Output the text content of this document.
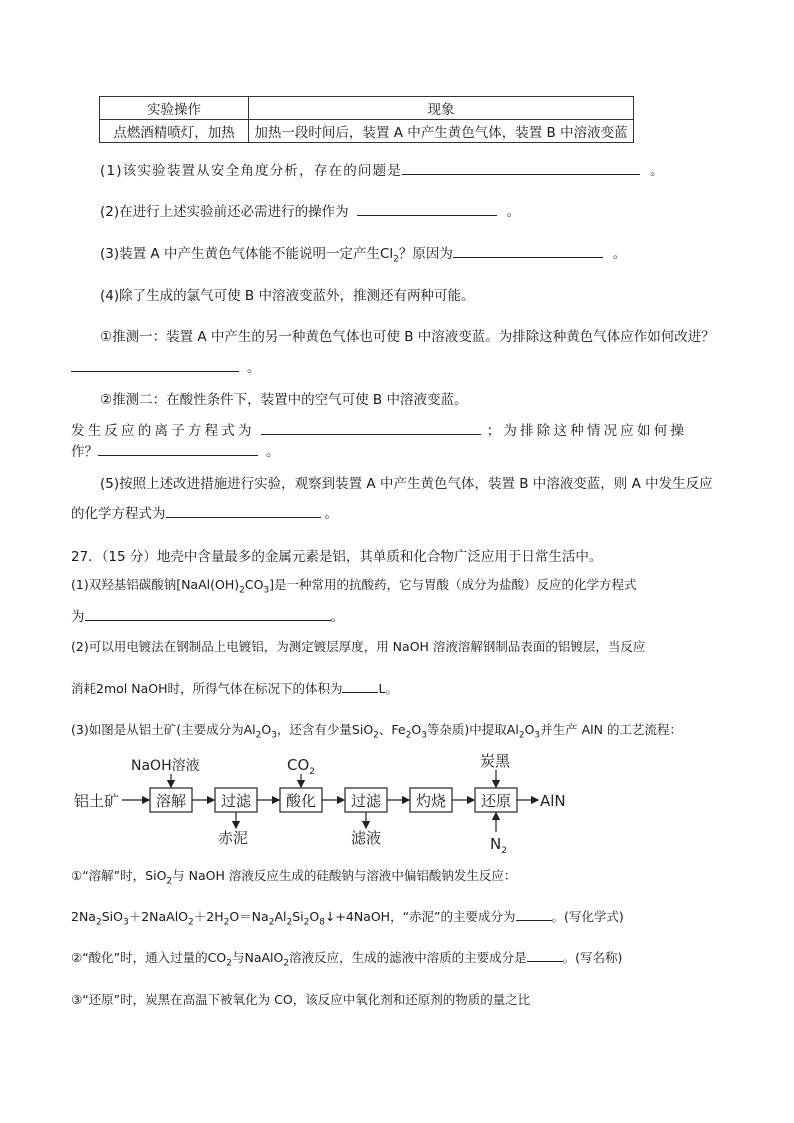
实验操作	现象
点燃酒精喷灯，加热	加热一段时间后，装置 A 中产生黄色气体，装置 B 中溶液变蓝
(1)该实验装置从安全角度分析，存在的问题是	。
(2)在进行上述实验前还必需进行的操作为	。
(3)装置 A 中产生黄色气体能不能说明一定产生$Cl_2$？原因为	。
(4)除了生成的氯气可使 B 中溶液变蓝外，推测还有两种可能。
①推测一：装置 A 中产生的另一种黄色气体也可使 B 中溶液变蓝。为排除这种黄色气体应作如何改进？
。
②推测二：在酸性条件下，装置中的空气可使 B 中溶液变蓝。
发生反应的离子方程式为	；为排除这种情况应如何操
作？	。
(5)按照上述改进措施进行实验，观察到装置 A 中产生黄色气体，装置 B 中溶液变蓝，则 A 中发生反应
的化学方程式为	。
27．（15 分）地壳中含量最多的金属元素是铝，其单质和化合物广泛应用于日常生活中。
(1)双羟基铝碳酸钠$[NaAl(OH)_2CO_3]$是一种常用的抗酸药，它与胃酸（成分为盐酸）反应的化学方程式
为	。
(2)可以用电镀法在钢制品上电镀铝，为测定镀层厚度，用 NaOH 溶液溶解钢制品表面的铝镀层，当反应
消耗2mol NaOH时，所得气体在标况下的体积为	L。
(3)如图是从铝土矿(主要成分为$Al_2O_3$，还含有少量SiO$_2$、$Fe_2O_3$等杂质)中提取$Al_2O_3$并生产 AlN 的工艺流程：
铝土矿
NaOH溶液	$CO_2$
炭黑
$N_2$
赤泥	滤液
AlN
溶解 过滤 酸化 过滤 灼烧 还原
①“溶解”时，SiO$_2$与 NaOH 溶液反应生成的硅酸钠与溶液中偏铝酸钠发生反应：
$2Na_2SiO_3+2NaAlO_2+2H_2O=Na_2Al_2Si_2O_8↓+4NaOH$，“赤泥”的主要成分为	。(写化学式)
②“酸化”时，通入过量的$CO_2$与NaAlO$_2$溶液反应，生成的滤液中溶质的主要成分是	。(写名称)
③“还原”时，炭黑在高温下被氧化为 CO，该反应中氧化剂和还原剂的物质的量之比
